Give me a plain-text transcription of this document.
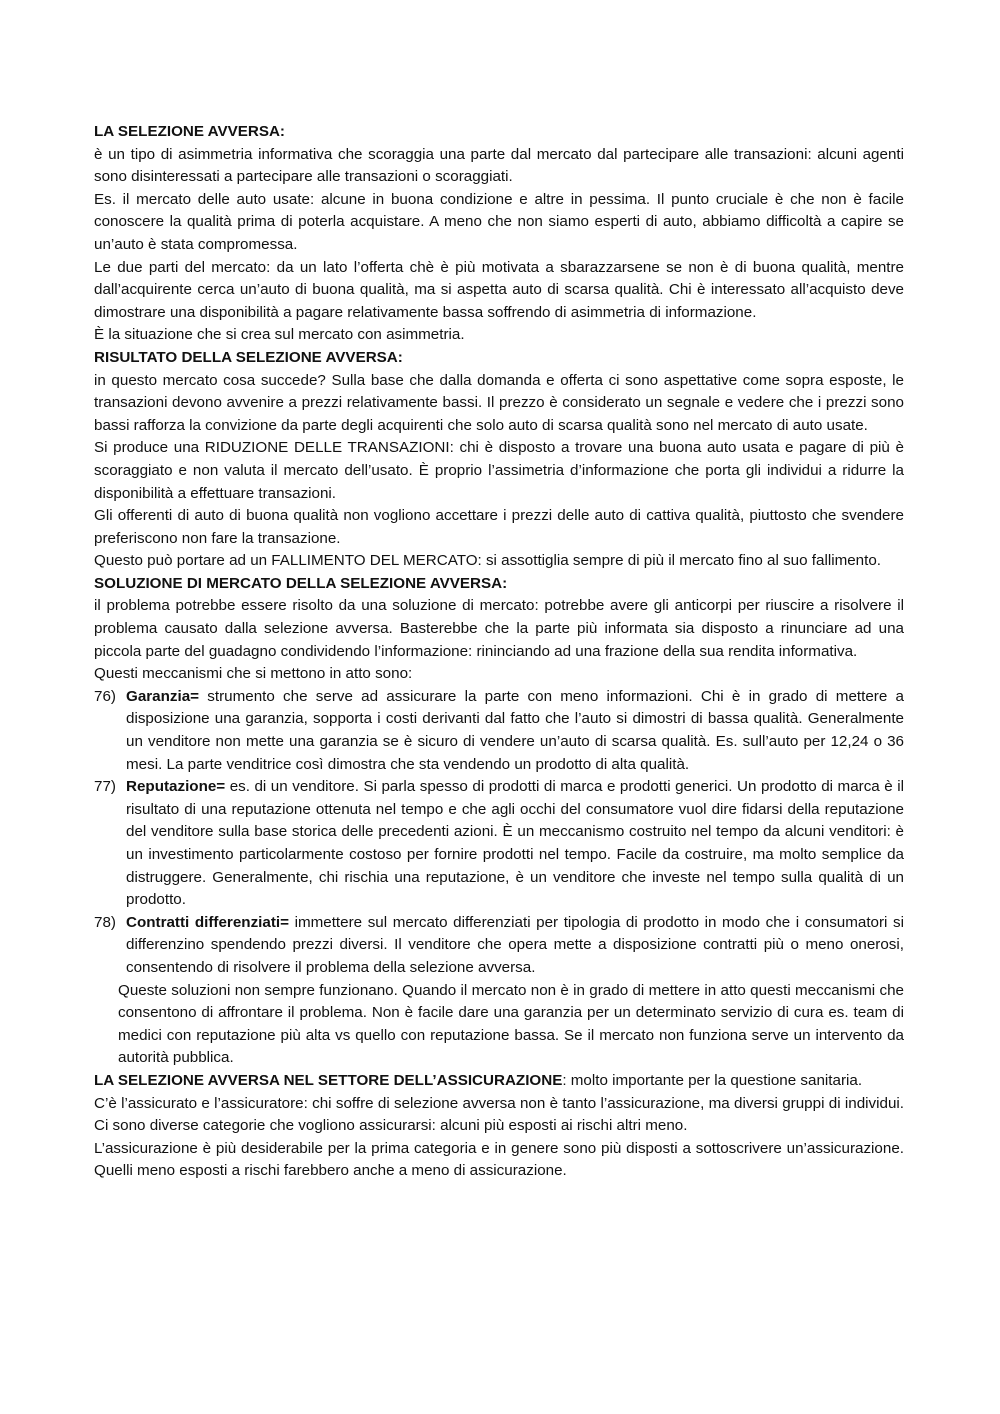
LA SELEZIONE AVVERSA:

è un tipo di asimmetria informativa che scoraggia una parte dal mercato dal partecipare alle transazioni: alcuni agenti sono disinteressati a partecipare alle transazioni o scoraggiati.

Es. il mercato delle auto usate: alcune in buona condizione e altre in pessima. Il punto cruciale è che non è facile conoscere la qualità prima di poterla acquistare. A meno che non siamo esperti di auto, abbiamo difficoltà a capire se un’auto è stata compromessa.

Le due parti del mercato: da un lato l’offerta chè è più motivata a sbarazzarsene se non è di buona qualità, mentre dall’acquirente cerca un’auto di buona qualità, ma si aspetta auto di scarsa qualità. Chi è interessato all’acquisto deve dimostrare una disponibilità a pagare relativamente bassa soffrendo di asimmetria di informazione.

È la situazione che si crea sul mercato con asimmetria.

RISULTATO DELLA SELEZIONE AVVERSA:

in questo mercato cosa succede? Sulla base che dalla domanda e offerta ci sono aspettative come sopra esposte, le transazioni devono avvenire a prezzi relativamente bassi. Il prezzo è considerato un segnale e vedere che i prezzi sono bassi rafforza la convizione da parte degli acquirenti che solo auto di scarsa qualità sono nel mercato di auto usate.

Si produce una RIDUZIONE DELLE TRANSAZIONI: chi è disposto a trovare una buona auto usata e pagare di più è scoraggiato e non valuta il mercato dell’usato. È proprio l’assimetria d’informazione che porta gli individui a ridurre la disponibilità a effettuare transazioni.

Gli offerenti di auto di buona qualità non vogliono accettare i prezzi delle auto di cattiva qualità, piuttosto che svendere preferiscono non fare la transazione.

Questo può portare ad un FALLIMENTO DEL MERCATO: si assottiglia sempre di più il mercato fino al suo fallimento.

SOLUZIONE DI MERCATO DELLA SELEZIONE AVVERSA:

il problema potrebbe essere risolto da una soluzione di mercato: potrebbe avere gli anticorpi per riuscire a risolvere il problema causato dalla selezione avversa. Basterebbe che la parte più informata sia disposto a rinunciare ad una piccola parte del guadagno condividendo l’informazione: rininciando ad una frazione della sua rendita informativa.

Questi meccanismi che si mettono in atto sono:

76) Garanzia= strumento che serve ad assicurare la parte con meno informazioni. Chi è in grado di mettere a disposizione una garanzia, sopporta i costi derivanti dal fatto che l’auto si dimostri di bassa qualità. Generalmente un venditore non mette una garanzia se è sicuro di vendere un’auto di scarsa qualità. Es. sull’auto per 12,24 o 36 mesi. La parte venditrice così dimostra che sta vendendo un prodotto di alta qualità.
77) Reputazione= es. di un venditore. Si parla spesso di prodotti di marca e prodotti generici. Un prodotto di marca è il risultato di una reputazione ottenuta nel tempo e che agli occhi del consumatore vuol dire fidarsi della reputazione del venditore sulla base storica delle precedenti azioni. È un meccanismo costruito nel tempo da alcuni venditori: è un investimento particolarmente costoso per fornire prodotti nel tempo. Facile da costruire, ma molto semplice da distruggere. Generalmente, chi rischia una reputazione, è un venditore che investe nel tempo sulla qualità di un prodotto.
78) Contratti differenziati= immettere sul mercato differenziati per tipologia di prodotto in modo che i consumatori si differenzino spendendo prezzi diversi. Il venditore che opera mette a disposizione contratti più o meno onerosi, consentendo di risolvere il problema della selezione avversa.

Queste soluzioni non sempre funzionano. Quando il mercato non è in grado di mettere in atto questi meccanismi che consentono di affrontare il problema. Non è facile dare una garanzia per un determinato servizio di cura es. team di medici con reputazione più alta vs quello con reputazione bassa. Se il mercato non funziona serve un intervento da autorità pubblica.

LA SELEZIONE AVVERSA NEL SETTORE DELL’ASSICURAZIONE: molto importante per la questione sanitaria.

C’è l’assicurato e l’assicuratore: chi soffre di selezione avversa non è tanto l’assicurazione, ma diversi gruppi di individui. Ci sono diverse categorie che vogliono assicurarsi: alcuni più esposti ai rischi altri meno.

L’assicurazione è più desiderabile per la prima categoria e in genere sono più disposti a sottoscrivere un’assicurazione. Quelli meno esposti a rischi farebbero anche a meno di assicurazione.
